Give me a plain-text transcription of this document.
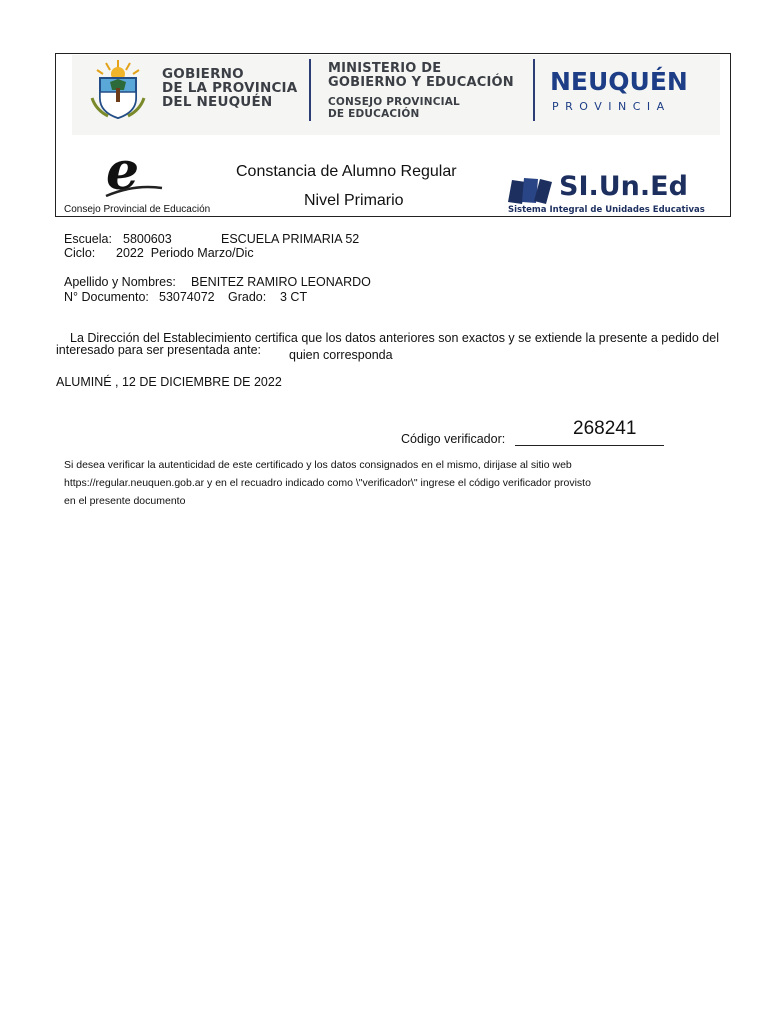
GOBIERNO
DE LA PROVINCIA
DEL NEUQUÉN
MINISTERIO DE
GOBIERNO Y EDUCACIÓN
CONSEJO PROVINCIAL
DE EDUCACIÓN
NEUQUÉN
PROVINCIA
e
Consejo Provincial de Educación
Constancia de Alumno Regular
Nivel Primario	SI.Un.Ed
Sistema Integral de Unidades Educativas
Escuela: 5800603	ESCUELA PRIMARIA 52
Ciclo: 2022  Periodo Marzo/Dic
Apellido y Nombres: BENITEZ RAMIRO LEONARDO
N° Documento: 53074072 Grado: 3 CT
La Dirección del Establecimiento certifica que los datos anteriores son exactos y se extiende la presente a pedido del
interesado para ser presentada ante: quien corresponda
ALUMINÉ , 12 DE DICIEMBRE DE 2022
Código verificador:	268241
Si desea verificar la autenticidad de este certificado y los datos consignados en el mismo, dirijase al sitio web
https://regular.neuquen.gob.ar y en el recuadro indicado como \"verificador\" ingrese el código verificador provisto
en el presente documento
